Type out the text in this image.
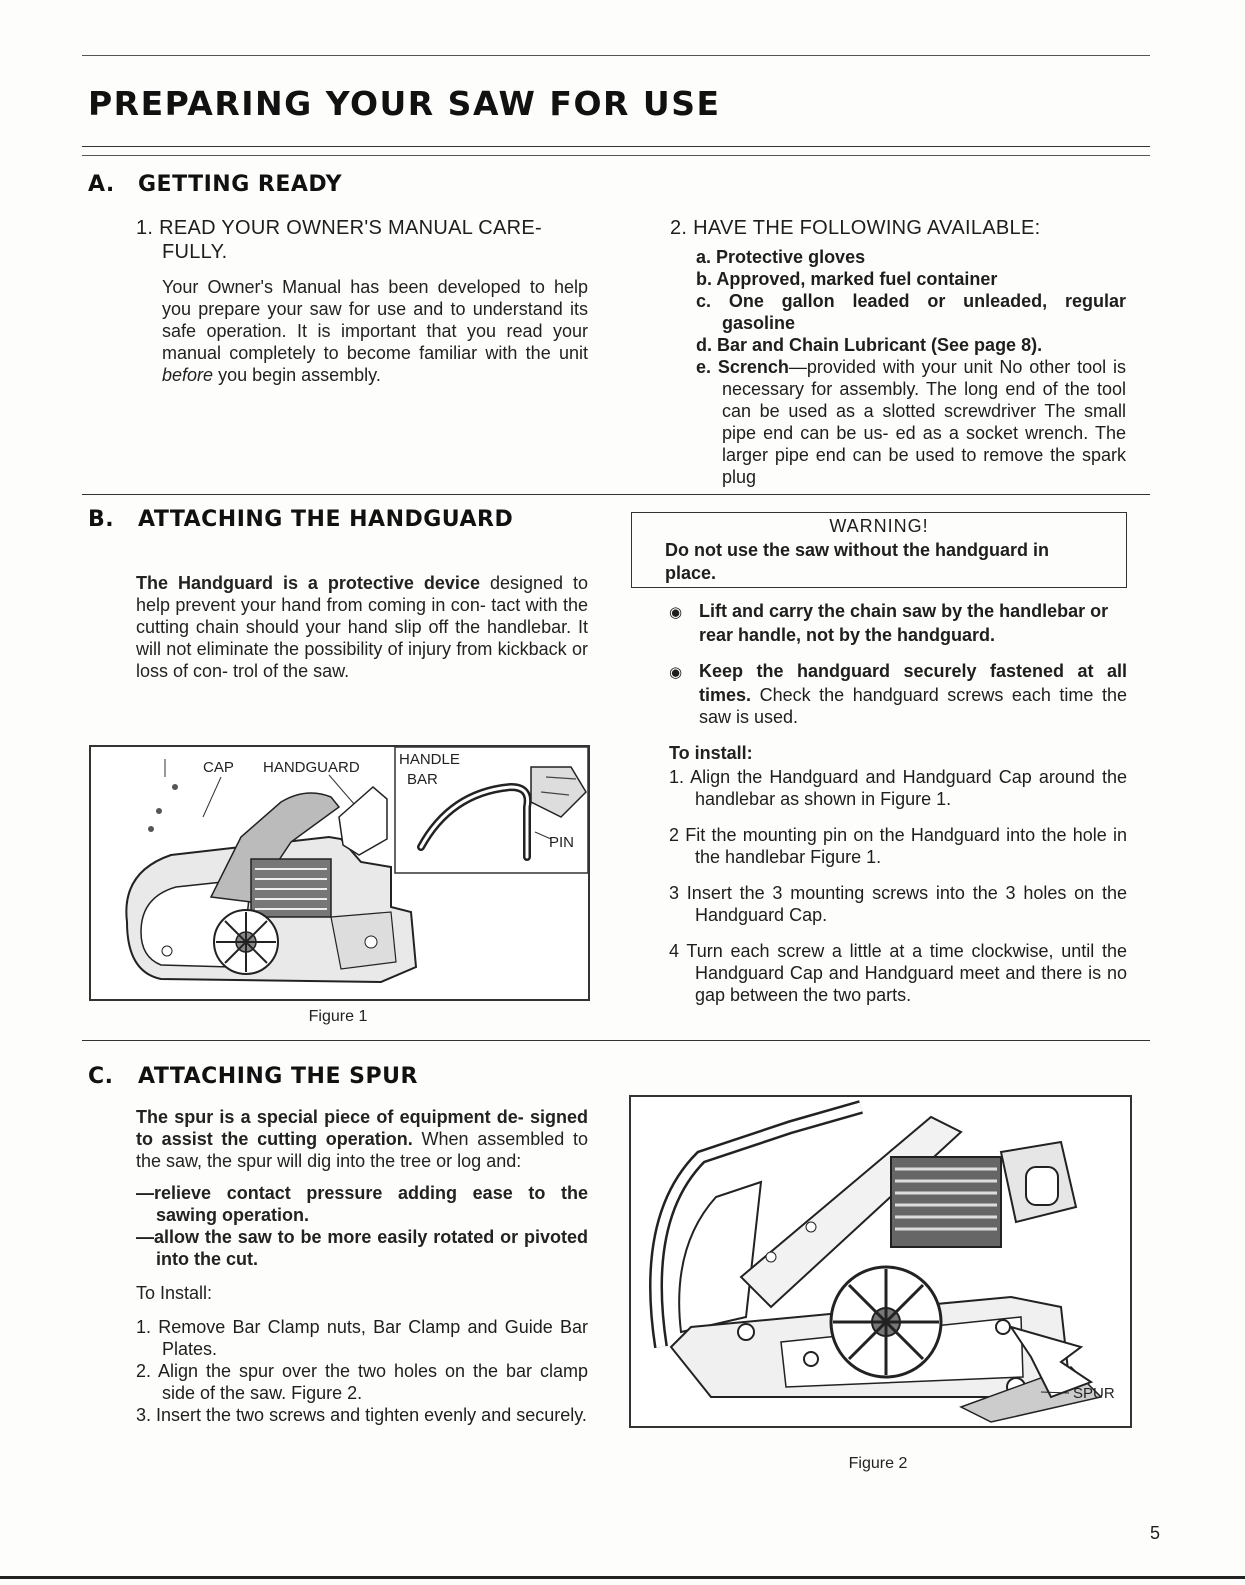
PREPARING YOUR SAW FOR USE
A. GETTING READY
1. READ YOUR OWNER'S MANUAL CARE- FULLY.

Your Owner's Manual has been developed to help you prepare your saw for use and to understand its safe operation. It is important that you read your manual completely to become familiar with the unit before you begin assembly.

2. HAVE THE FOLLOWING AVAILABLE:
a. Protective gloves
b. Approved, marked fuel container
c. One gallon leaded or unleaded, regular gasoline
d. Bar and Chain Lubricant (See page 8).
e. Scrench—provided with your unit No other tool is necessary for assembly. The long end of the tool can be used as a slotted screwdriver The small pipe end can be us- ed as a socket wrench. The larger pipe end can be used to remove the spark plug
B. ATTACHING THE HANDGUARD

The Handguard is a protective device designed to help prevent your hand from coming in con- tact with the cutting chain should your hand slip off the handlebar. It will not eliminate the possibility of injury from kickback or loss of con- trol of the saw.

CAP HANDGUARD	HANDLE
BAR
PIN
Figure 1
WARNING!
Do not use the saw without the handguard in place.
◉ Lift and carry the chain saw by the handlebar or rear handle, not by the handguard.
◉ Keep the handguard securely fastened at all times. Check the handguard screws each time the saw is used.
To install:
1. Align the Handguard and Handguard Cap around the handlebar as shown in Figure 1.
2 Fit the mounting pin on the Handguard into the hole in the handlebar Figure 1.
3 Insert the 3 mounting screws into the 3 holes on the Handguard Cap.
4 Turn each screw a little at a time clockwise, until the Handguard Cap and Handguard meet and there is no gap between the two parts.
C. ATTACHING THE SPUR

The spur is a special piece of equipment de- signed to assist the cutting operation. When assembled to the saw, the spur will dig into the tree or log and:

—relieve contact pressure adding ease to the sawing operation.
—allow the saw to be more easily rotated or pivoted into the cut.
To Install:
1. Remove Bar Clamp nuts, Bar Clamp and Guide Bar Plates.
2. Align the spur over the two holes on the bar clamp side of the saw. Figure 2.
3. Insert the two screws and tighten evenly and securely.
SPUR
Figure 2
5
